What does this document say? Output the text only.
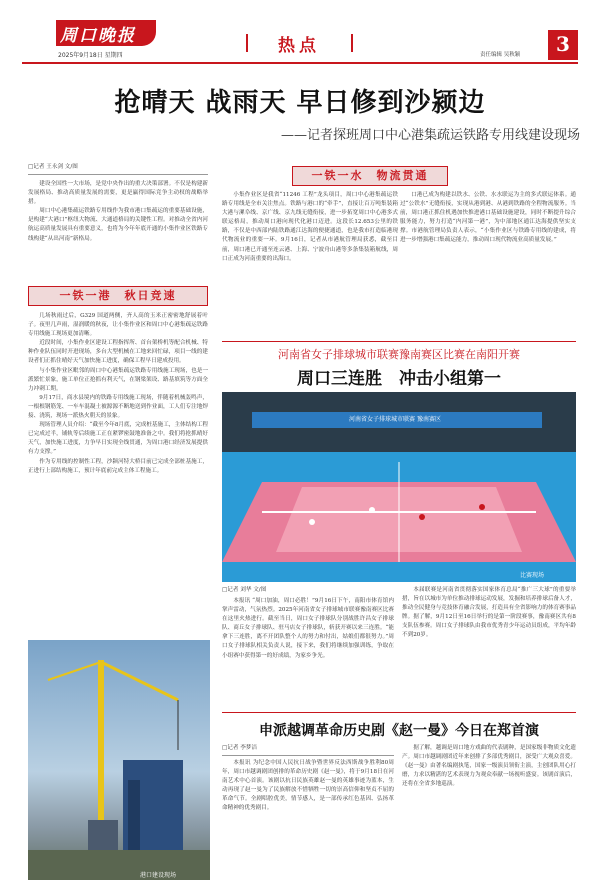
周口晚报
2025年9月18日 星期四	热点	责任编辑 吴秋颖	3
抢晴天 战雨天 早日修到沙颍边
——记者探班周口中心港集疏运铁路专用线建设现场
□记者 王永剑 文/图

建设全国性一大市场，是党中央作出的重大决策部署。不仅是构建新发展格局、推动高质量发展的需要，更是赢得国际竞争主动权的战略举措。

周口中心港集疏运铁路专用线作为我市港口集疏运的重要基础设施，是构建“大港口”枢纽大物流、大通道格局的关键性工程。对推动全省内河航运高质量发展具有重要意义，也将为今年年底开通的小集作业区铁路专线构建“从出河南”新格局。

一铁一港　秋日竞速

几场秋雨过后，G329 国道两侧，齐人高的玉米正密密地舒展着叶子。夜里几声雨，湿润暖的秋夜，让小集作业区和周口中心港集疏运铁路专用线施工现场更加清晰。

近段时间，小集作业区建设工程指挥所、首台架桥机等配合机械、特种作业队伍同时开进现场，多台大型机械在工地来回忙碌，项目一线的建设者们正抓住晴好天气加快施工进度，确保工程早日建成投用。

与小集作业区毗邻的周口中心港集疏运铁路专用线施工现场，也是一派繁忙景象，施工单位正抢抓有利天气，在钢梁架设、路基填筑等方面全力冲刺工期。

9月17日，商水县境内的铁路专用线施工现场，伴随着机械轰鸣声，一根根钢筋笼、一车车混凝土被源源不断地送到作业面，工人们专注地焊接、浇筑，现场一派热火朝天的景象。

现场管理人员介绍：“截至今年8月底，完成桩基施工，主体结构工程已完成过半，铺轨等后续施工正在紧锣密鼓地准备之中。我们将抢抓晴好天气，加快施工进度，力争早日实现全线贯通，为周口港口经济发展提供有力支撑。”

作为专用线的控制性工程，沙颍河特大桥目前已完成全部桩基施工，正进行上部结构施工，预计年底前完成主体工程施工。

港口建设现场
一铁一水　物流贯通

小集作业区是我省“11246 工程”龙头项目，周口中心港集疏运铁路专用线是全市关注焦点。铁路与港口的“牵手”，直接让百万吨集装箱大港与漯阜线、京广线、京九线无缝衔接，进一步拓宽周口中心港多式联运格局，推动周口港向现代化港口迈进。这段长12.653公里的铁路，不仅是中西部内陆铁路通江达海的便捷通道，也是我市打造临港现代物流业的重要一环。9月16日，记者从市港航管理局获悉，截至目前，周口港已开通至连云港、上海、宁波舟山港等多条集装箱航线，周口正成为河南重要的出海口。

口港已成为构建以铁水、公铁、水水联运为主的多式联运体系。通过“公铁水”无缝衔接，实现从港到港、从港到铁路的全程物流服务。当前，周口港正抓住机遇加快推进港口基础设施建设，同时不断提升综合服务能力，努力打造“内河第一港”，为中部地区通江达海提供坚实支撑。市港航管理局负责人表示，“小集作业区与铁路专用线的建成，将进一步增强港口集疏运能力，推动周口现代物流业高质量发展。”

河南省女子排球城市联赛豫南赛区比赛在南阳开赛
周口三连胜　冲击小组第一
河南省女子排球城市联赛 豫南赛区
比赛现场
□记者 刘华 文/图

本报讯 “周口加油，周口必胜！”9月16日下午，南阳市体育馆内掌声雷动，气氛热烈。2025年河南省女子排球城市联赛豫南赛区比赛在这里火热进行。截至当日，周口女子排球队分别战胜许昌女子排球队、商丘女子排球队、驻马店女子排球队，斩获开赛以来三连胜。“能拿下三连胜，离不开团队整个人的努力和付出，姑娘们都很努力。”周口女子排球队相关负责人说，接下来，我们将继续加强训练，争取在小组赛中获得第一的好成绩，为家乡争光。

本届联赛是河南省贯彻落实国家体育总局“推广三大球”的重要举措，旨在以城市为单位推动排球运动发展，发掘和培养排球后备人才，推动全民健身与竞技体育融合发展，打造具有全省影响力的体育赛事品牌。据了解，9月12日至16日举行的是第一阶段赛事，豫南赛区共有8支队伍参赛。周口女子排球队由我市优秀青少年运动员组成，平均年龄不到20岁。

申派越调革命历史剧《赵一曼》今日在郑首演
□记者 李梦洁

本报讯 为纪念中国人民抗日战争暨世界反法西斯战争胜利80周年，周口市越调剧团创排的革命历史剧《赵一曼》，将于9月18日在河南艺术中心首演。该剧以抗日民族英雄赵一曼的英雄事迹为蓝本，生动再现了赵一曼为了民族解放不惜牺牲一切的崇高信仰和坚贞不屈的革命气节。全剧唱腔优美，情节感人，是一部传承红色基因、弘扬革命精神的优秀剧目。

据了解，越调是周口地方戏曲的代表剧种，是国家级非物质文化遗产。周口市越调剧团近年来创排了多部优秀剧目，深受广大观众喜爱。《赵一曼》由著名编剧执笔，国家一级演员领衔主演，主创团队用心打磨，力求以精湛的艺术表现力为观众奉献一场视听盛宴。该剧首演后，还将在全省多地巡演。
